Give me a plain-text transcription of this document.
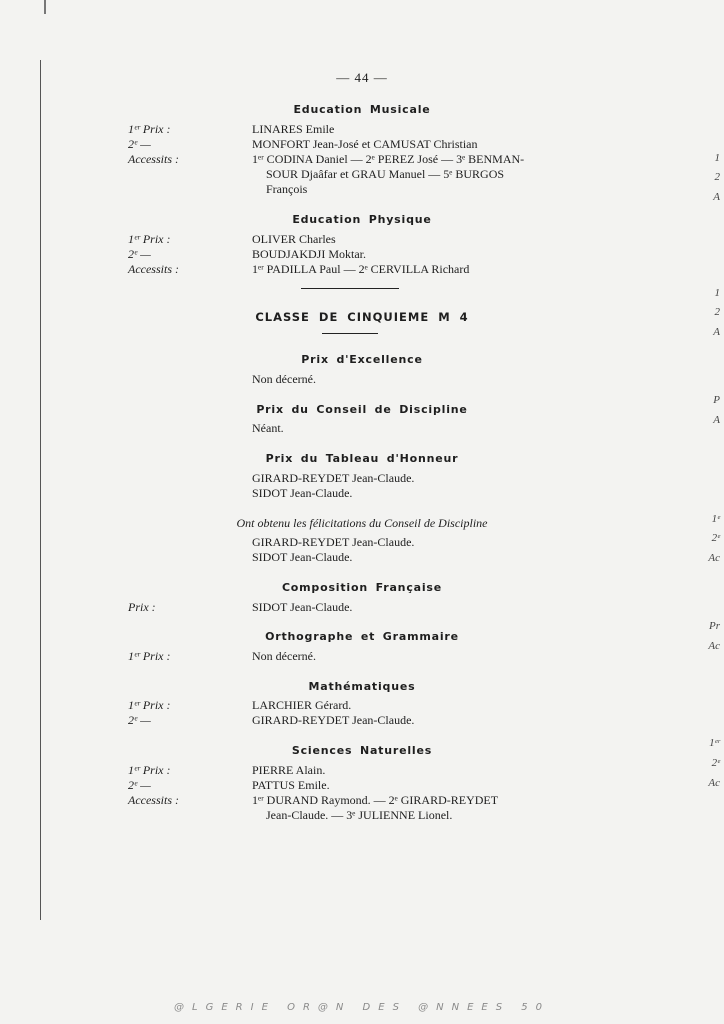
— 44 —
Education Musicale
1ᵉʳ Prix :	LINARES Emile
2ᵉ —	MONFORT Jean-José et CAMUSAT Christian
Accessits :	1ᵉʳ CODINA Daniel — 2ᵉ PEREZ José — 3ᵉ BENMAN-
SOUR Djaâfar et GRAU Manuel — 5ᵉ BURGOS
François
Education Physique
1ᵉʳ Prix :	OLIVER Charles
2ᵉ —	BOUDJAKDJI Moktar.
Accessits :	1ᵉʳ PADILLA Paul — 2ᵉ CERVILLA Richard
CLASSE DE CINQUIEME M 4
Prix d'Excellence
Non décerné.
Prix du Conseil de Discipline
Néant.
Prix du Tableau d'Honneur
GIRARD-REYDET Jean-Claude.
SIDOT Jean-Claude.
Ont obtenu les félicitations du Conseil de Discipline
GIRARD-REYDET Jean-Claude.
SIDOT Jean-Claude.
Composition Française
Prix :	SIDOT Jean-Claude.
Orthographe et Grammaire
1ᵉʳ Prix :	Non décerné.
Mathématiques
1ᵉʳ Prix :	LARCHIER Gérard.
2ᵉ —	GIRARD-REYDET Jean-Claude.
Sciences Naturelles
1ᵉʳ Prix :	PIERRE Alain.
2ᵉ —	PATTUS Emile.
Accessits :	1ᵉʳ DURAND Raymond. — 2ᵉ GIRARD-REYDET
Jean-Claude. — 3ᵉ JULIENNE Lionel.
1
2
A
1
2
A
P
A
1ᵉ
2ᵉ
Ac
Pr
Ac
1ᵉʳ
2ᵉ
Ac
@LGERIE OR@N DES @NNEES 50
